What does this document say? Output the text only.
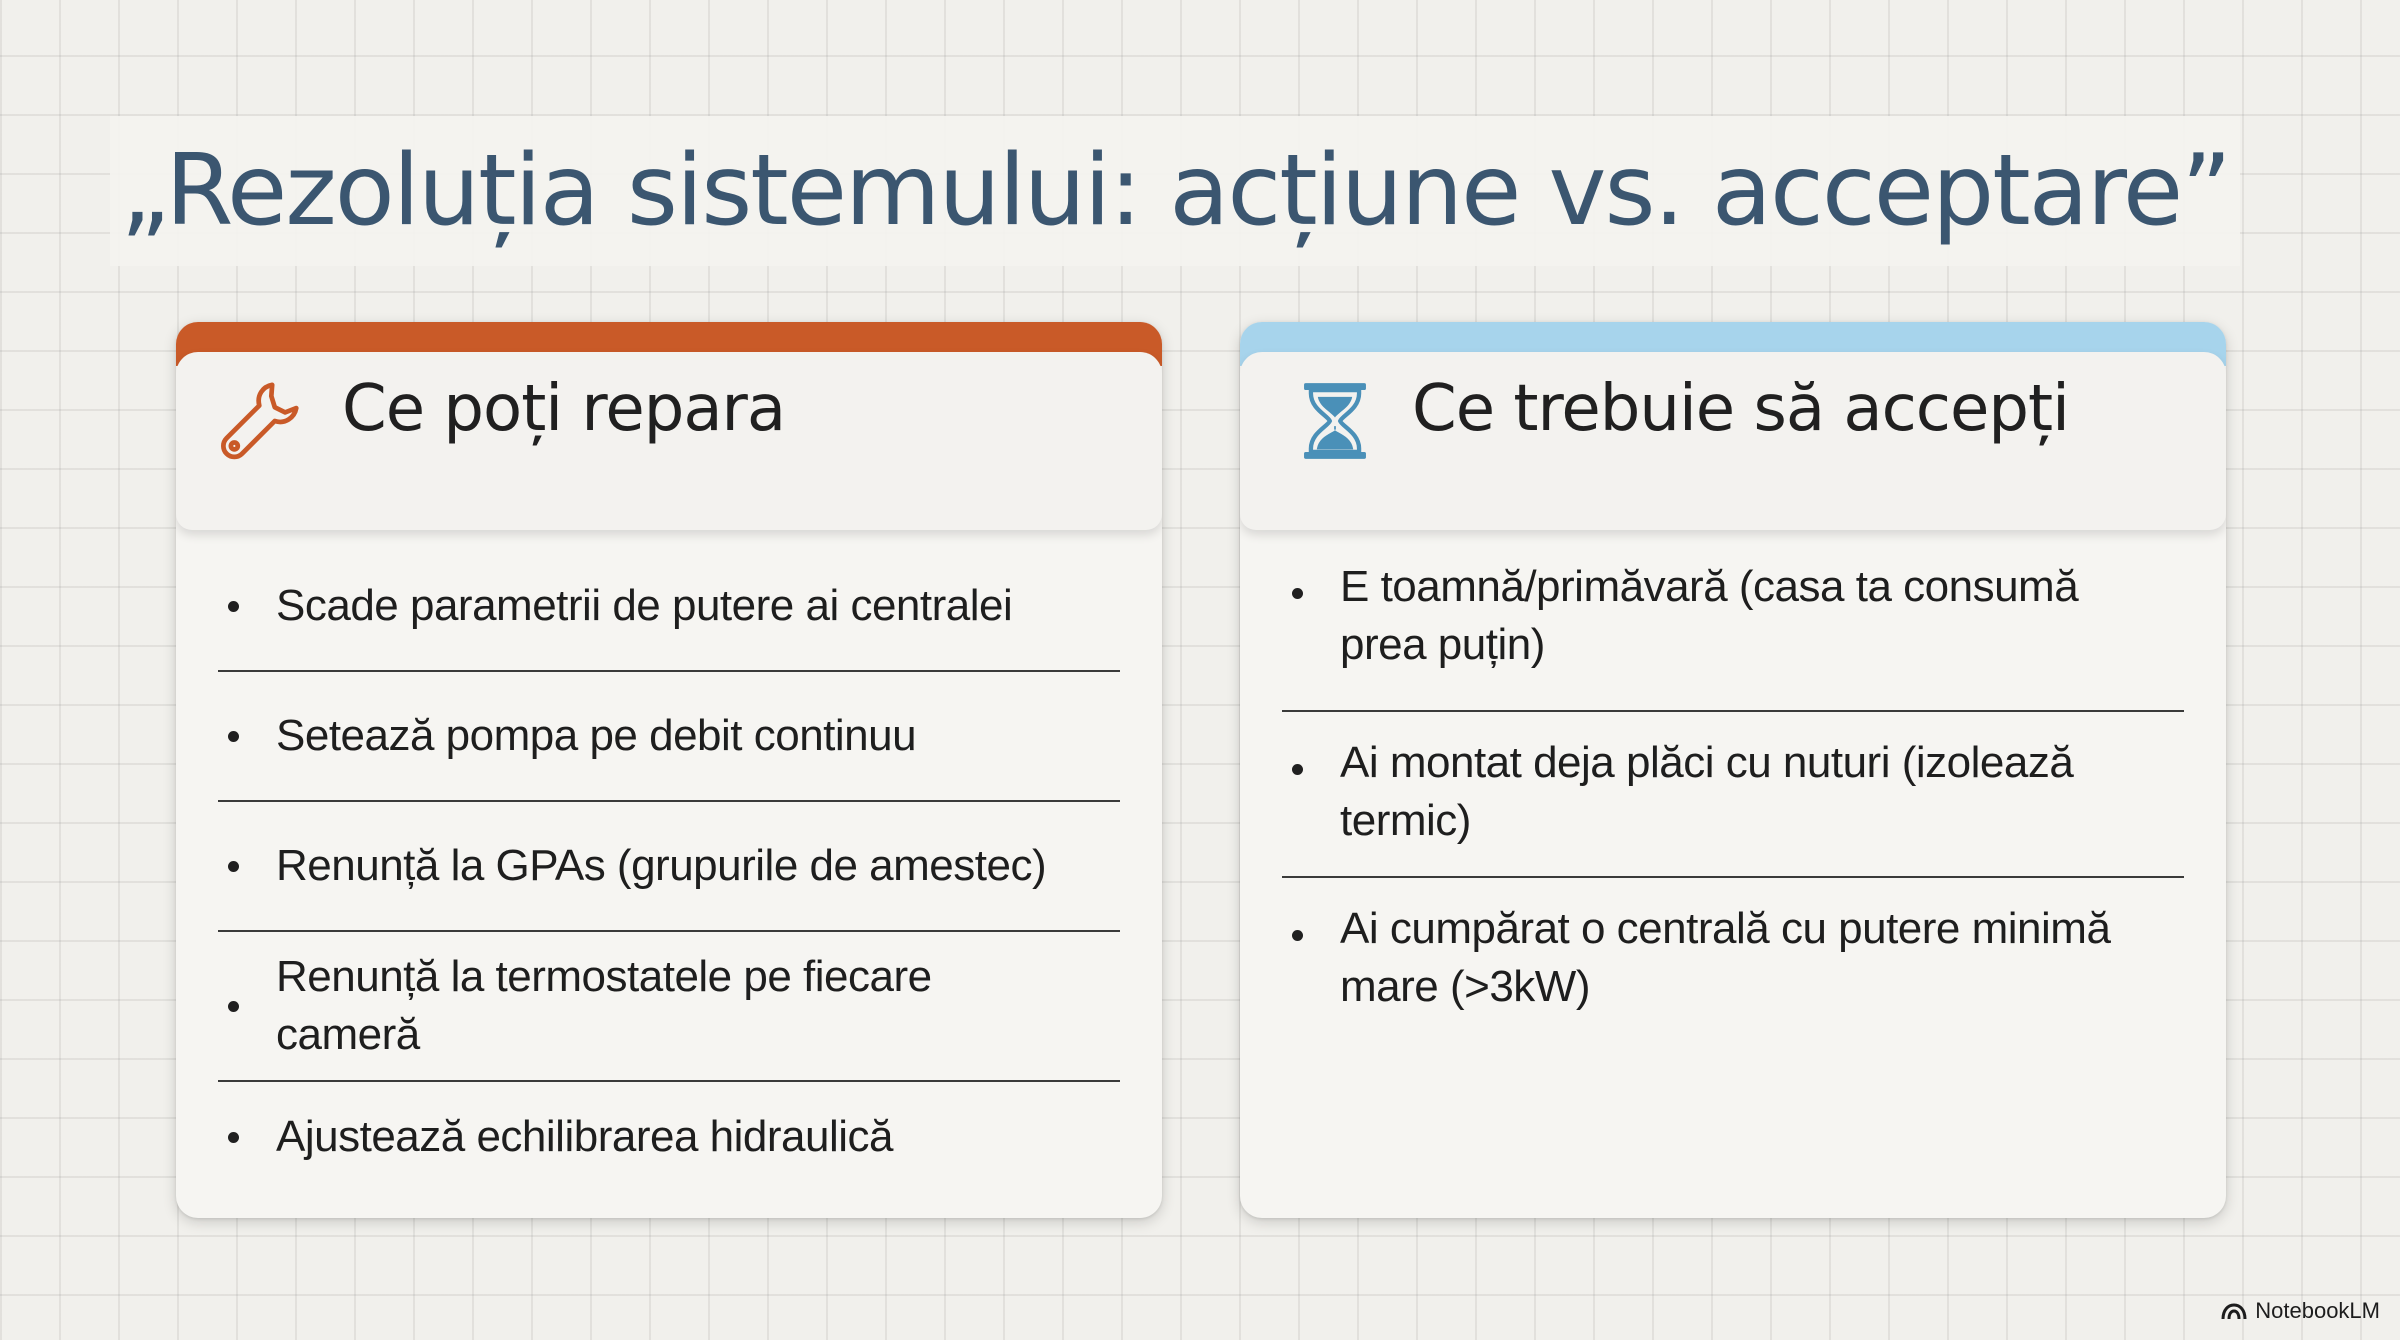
„Rezoluția sistemului: acțiune vs. acceptare”
Ce poți repara
Scade parametrii de putere ai centralei
Setează pompa pe debit continuu
Renunță la GPAs (grupurile de amestec)
Renunță la termostatele pe fiecare cameră
Ajustează echilibrarea hidraulică
Ce trebuie să accepți
E toamnă/primăvară (casa ta consumă prea puțin)
Ai montat deja plăci cu nuturi (izolează termic)
Ai cumpărat o centrală cu putere minimă mare (>3kW)
NotebookLM
